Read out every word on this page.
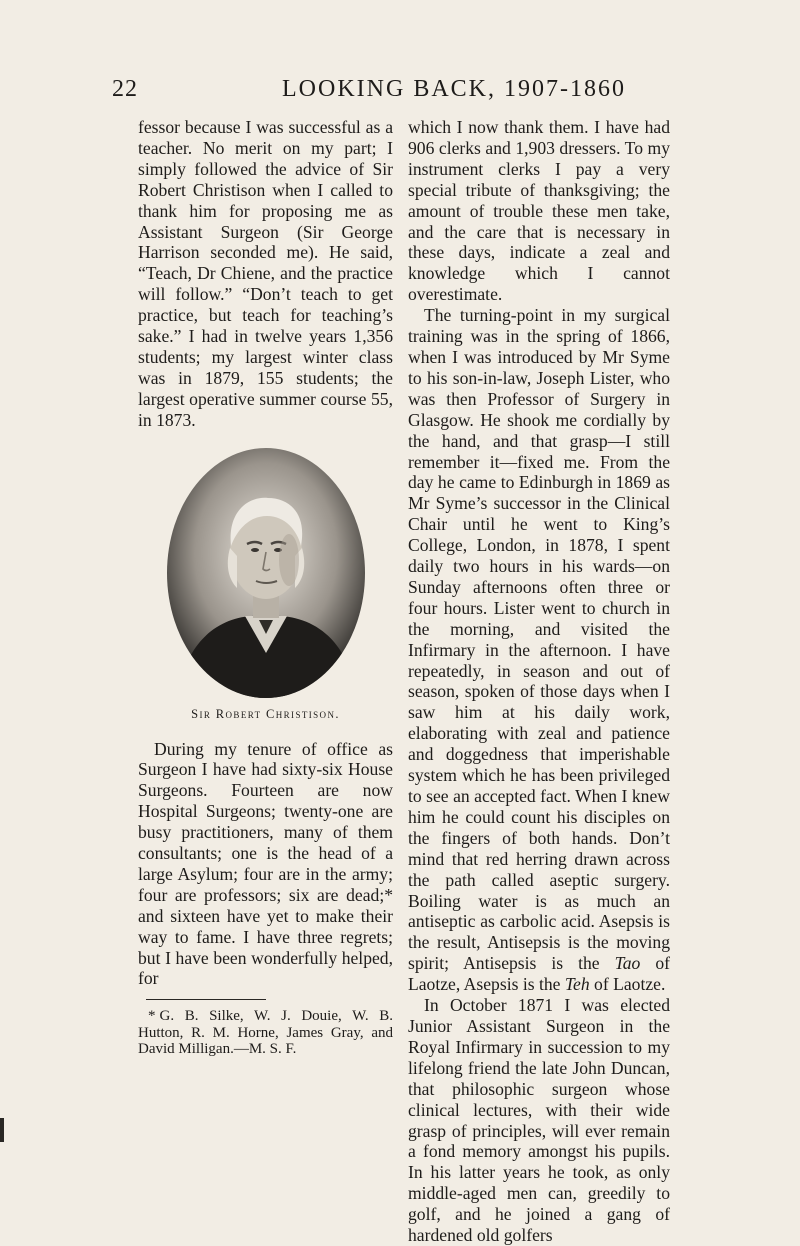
22	LOOKING BACK, 1907-1860

fessor because I was successful as a teacher. No merit on my part; I simply followed the advice of Sir Robert Christison when I called to thank him for proposing me as Assistant Surgeon (Sir George Harrison seconded me). He said, “Teach, Dr Chiene, and the practice will follow.” “Don’t teach to get practice, but teach for teaching’s sake.” I had in twelve years 1,356 students; my largest winter class was in 1879, 155 students; the largest operative summer course 55, in 1873.

Sir Robert Christison.

During my tenure of office as Surgeon I have had sixty-six House Surgeons. Fourteen are now Hospital Surgeons; twenty-one are busy practitioners, many of them consultants; one is the head of a large Asylum; four are in the army; four are professors; six are dead;* and sixteen have yet to make their way to fame. I have three regrets; but I have been wonderfully helped, for

* G. B. Silke, W. J. Douie, W. B. Hutton, R. M. Horne, James Gray, and David Milligan.—M. S. F.

which I now thank them. I have had 906 clerks and 1,903 dressers. To my instrument clerks I pay a very special tribute of thanksgiving; the amount of trouble these men take, and the care that is necessary in these days, indicate a zeal and knowledge which I cannot overestimate.

The turning-point in my surgical training was in the spring of 1866, when I was introduced by Mr Syme to his son-in-law, Joseph Lister, who was then Professor of Surgery in Glasgow. He shook me cordially by the hand, and that grasp—I still remember it—fixed me. From the day he came to Edinburgh in 1869 as Mr Syme’s successor in the Clinical Chair until he went to King’s College, London, in 1878, I spent daily two hours in his wards—on Sunday afternoons often three or four hours. Lister went to church in the morning, and visited the Infirmary in the afternoon. I have repeatedly, in season and out of season, spoken of those days when I saw him at his daily work, elaborating with zeal and patience and doggedness that imperishable system which he has been privileged to see an accepted fact. When I knew him he could count his disciples on the fingers of both hands. Don’t mind that red herring drawn across the path called aseptic surgery. Boiling water is as much an antiseptic as carbolic acid. Asepsis is the result, Antisepsis is the moving spirit; Antisepsis is the Tao of Laotze, Asepsis is the Teh of Laotze.

In October 1871 I was elected Junior Assistant Surgeon in the Royal Infirmary in succession to my lifelong friend the late John Duncan, that philosophic surgeon whose clinical lectures, with their wide grasp of principles, will ever remain a fond memory amongst his pupils. In his latter years he took, as only middle-aged men can, greedily to golf, and he joined a gang of hardened old golfers
